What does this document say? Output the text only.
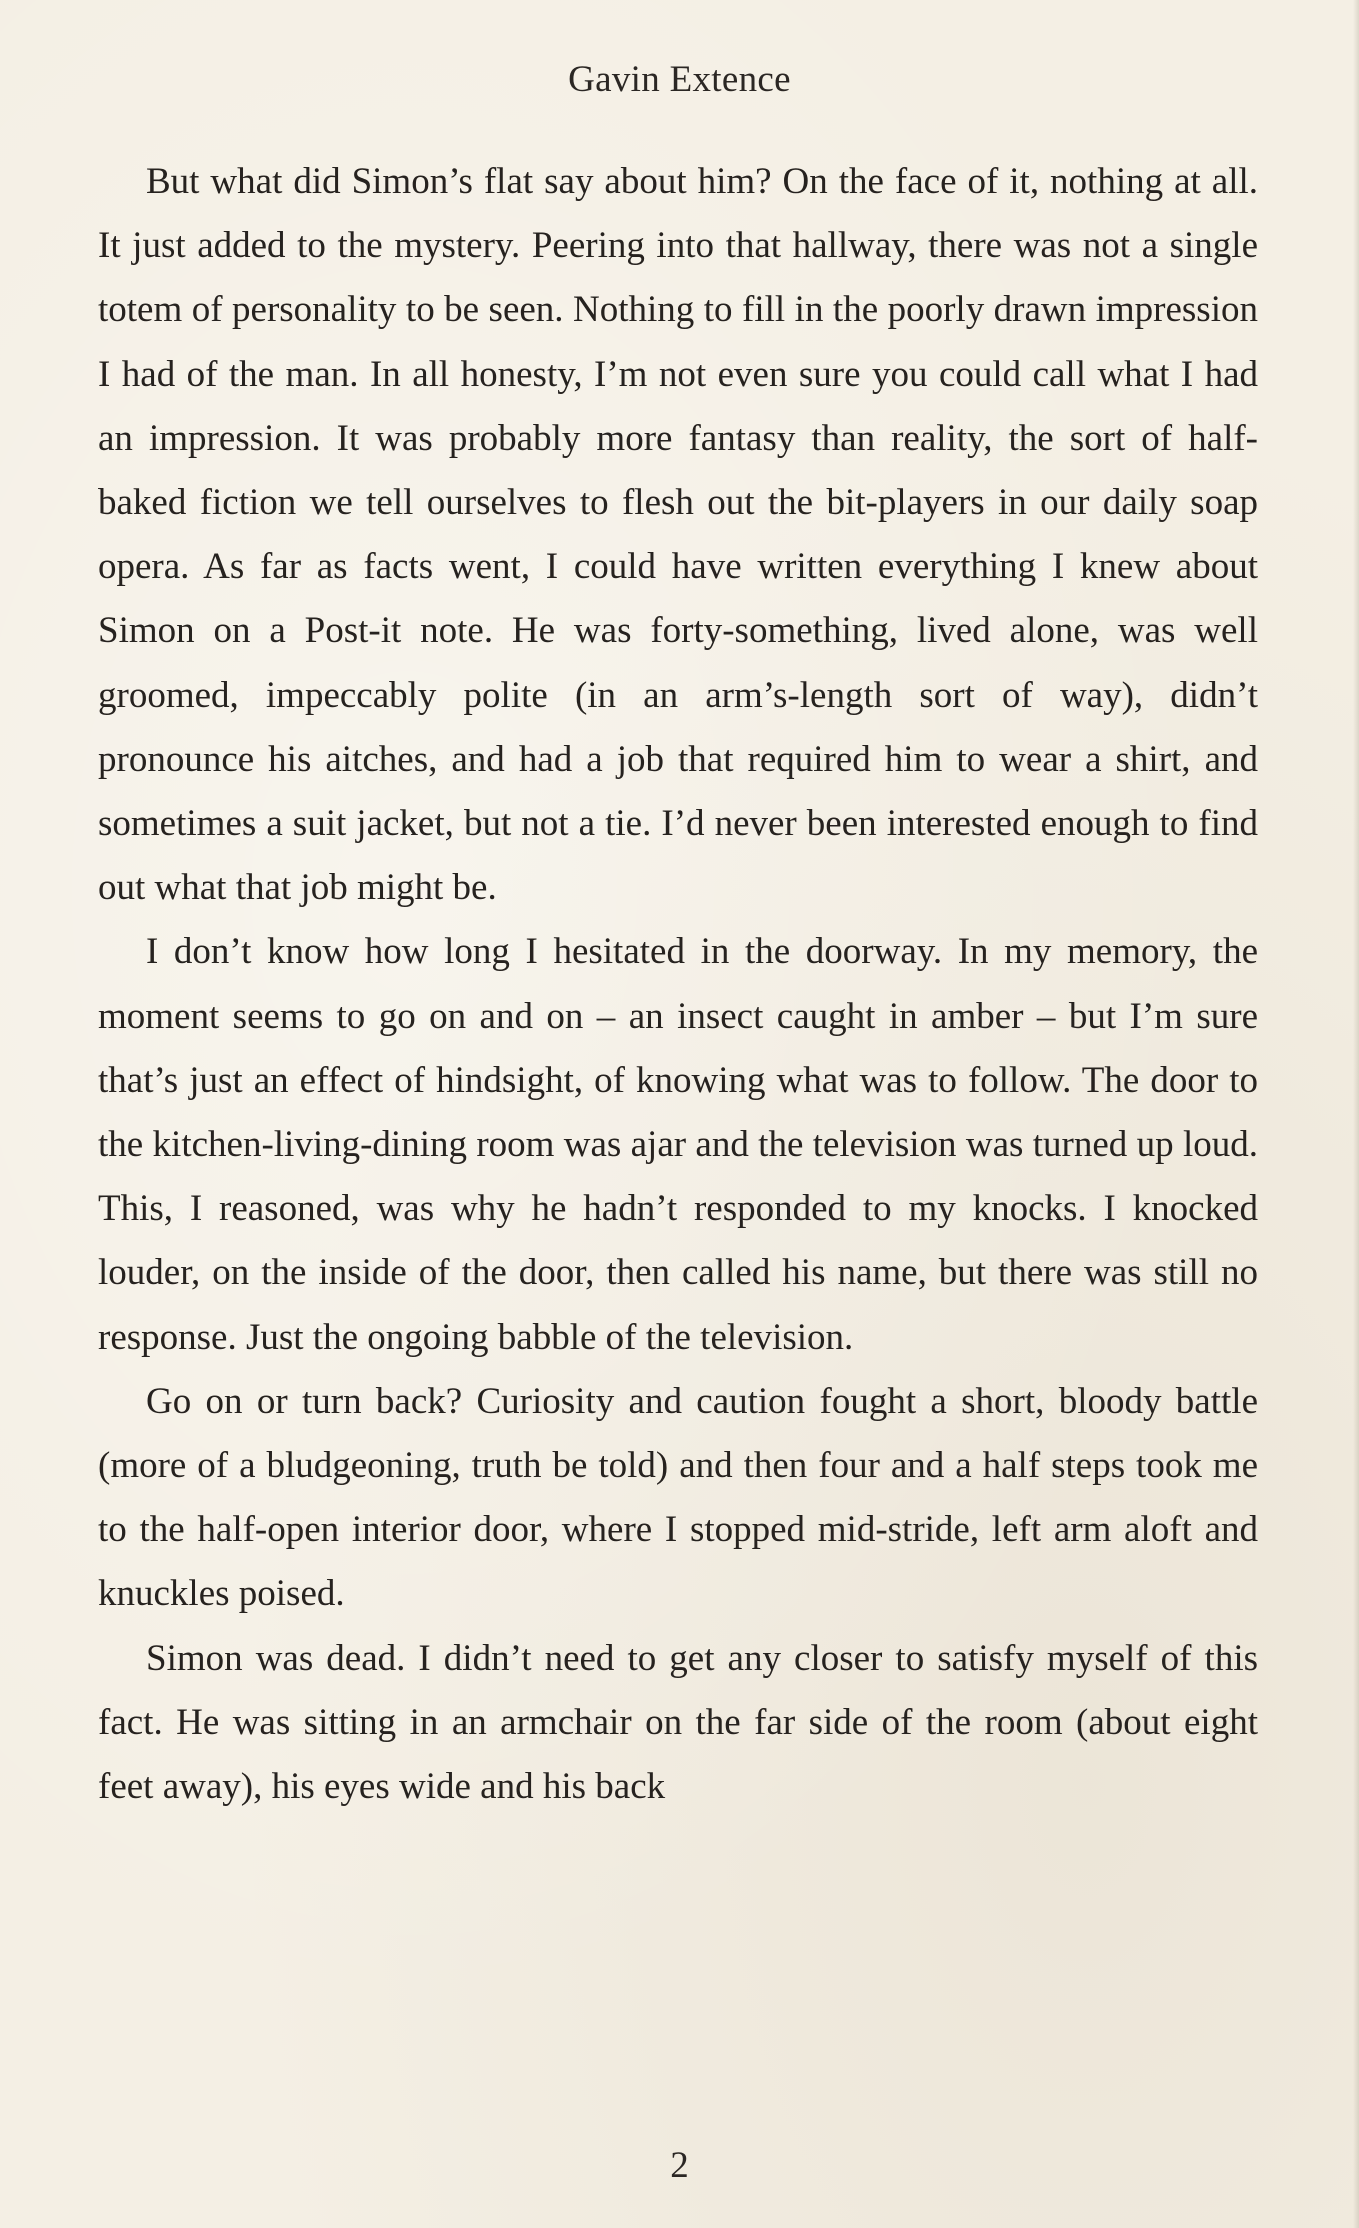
Gavin Extence

But what did Simon’s flat say about him? On the face of it, nothing at all. It just added to the mystery. Peering into that hallway, there was not a single totem of personality to be seen. Nothing to fill in the poorly drawn impression I had of the man. In all honesty, I’m not even sure you could call what I had an impression. It was probably more fantasy than reality, the sort of half-baked fiction we tell ourselves to flesh out the bit-players in our daily soap opera. As far as facts went, I could have written everything I knew about Simon on a Post-it note. He was forty-something, lived alone, was well groomed, impeccably polite (in an arm’s-length sort of way), didn’t pronounce his aitches, and had a job that required him to wear a shirt, and sometimes a suit jacket, but not a tie. I’d never been interested enough to find out what that job might be.

I don’t know how long I hesitated in the doorway. In my memory, the moment seems to go on and on – an insect caught in amber – but I’m sure that’s just an effect of hindsight, of knowing what was to follow. The door to the kitchen-living-dining room was ajar and the television was turned up loud. This, I reasoned, was why he hadn’t responded to my knocks. I knocked louder, on the inside of the door, then called his name, but there was still no response. Just the ongoing babble of the television.

Go on or turn back? Curiosity and caution fought a short, bloody battle (more of a bludgeoning, truth be told) and then four and a half steps took me to the half-open interior door, where I stopped mid-stride, left arm aloft and knuckles poised.

Simon was dead. I didn’t need to get any closer to satisfy myself of this fact. He was sitting in an armchair on the far side of the room (about eight feet away), his eyes wide and his back

2
